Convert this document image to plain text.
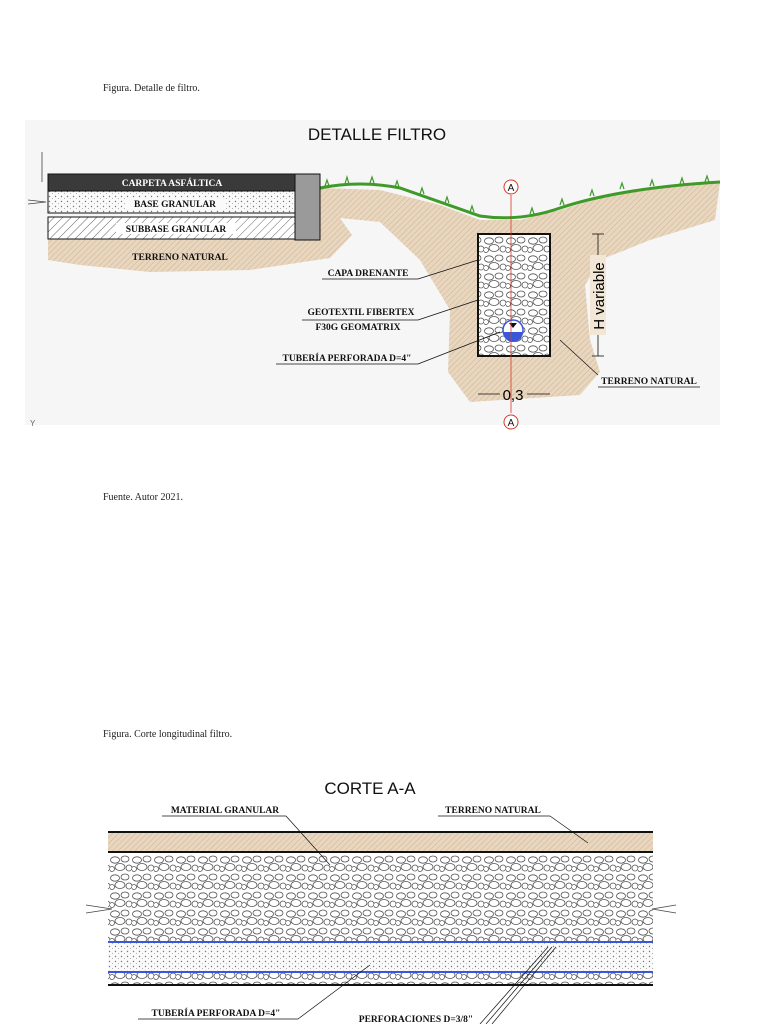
Figura. Detalle de filtro.
DETALLE FILTRO
CARPETA ASFÁLTICA
BASE GRANULAR
SUBBASE GRANULAR
TERRENO NATURAL
A
A
H variable
0,3
CAPA DRENANTE
GEOTEXTIL FIBERTEX
F30G GEOMATRIX
TUBERÍA PERFORADA D=4"
TERRENO NATURAL
Y
Fuente. Autor 2021.
Figura. Corte longitudinal filtro.
CORTE A-A
MATERIAL GRANULAR	TERRENO NATURAL
TUBERÍA PERFORADA D=4"
PERFORACIONES D=3/8"
